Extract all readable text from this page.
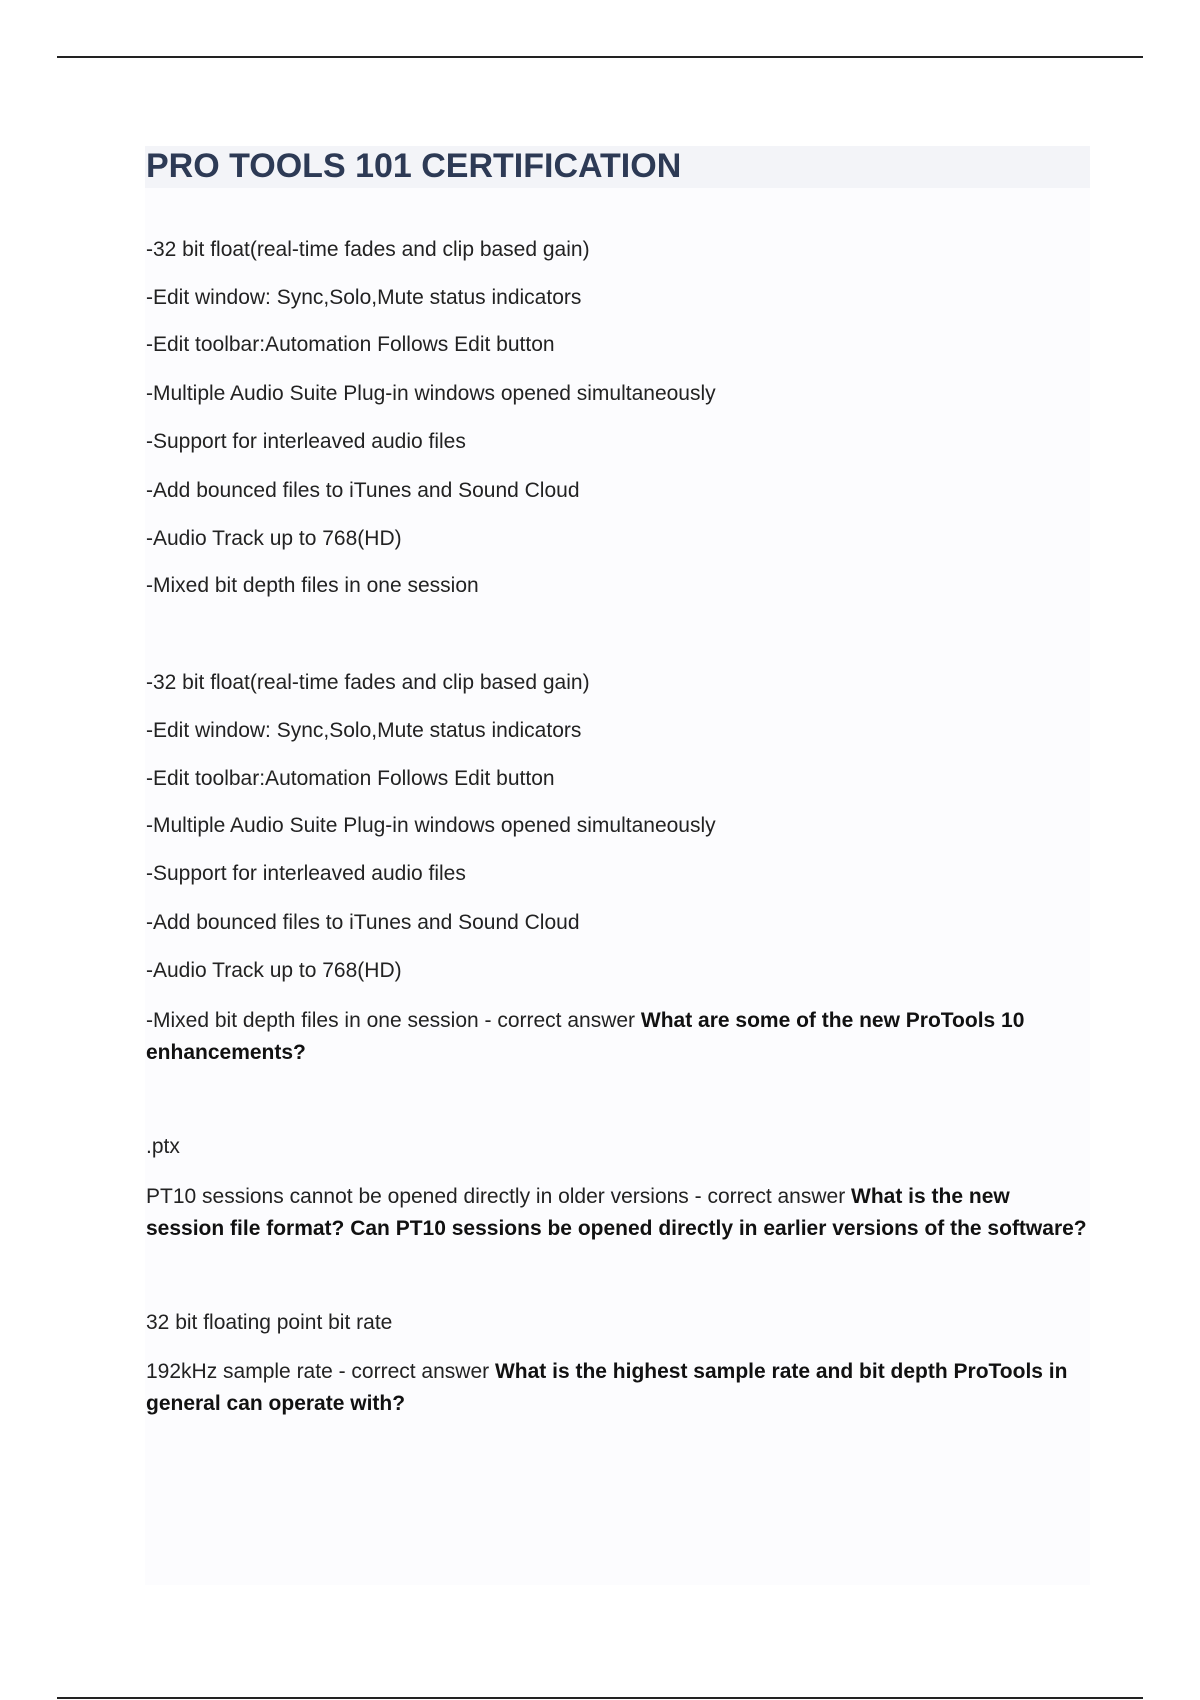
PRO TOOLS 101 CERTIFICATION
-32 bit float(real-time fades and clip based gain)
-Edit window: Sync,Solo,Mute status indicators
-Edit toolbar:Automation Follows Edit button
-Multiple Audio Suite Plug-in windows opened simultaneously
-Support for interleaved audio files
-Add bounced files to iTunes and Sound Cloud
-Audio Track up to 768(HD)
-Mixed bit depth files in one session
-32 bit float(real-time fades and clip based gain)
-Edit window: Sync,Solo,Mute status indicators
-Edit toolbar:Automation Follows Edit button
-Multiple Audio Suite Plug-in windows opened simultaneously
-Support for interleaved audio files
-Add bounced files to iTunes and Sound Cloud
-Audio Track up to 768(HD)
-Mixed bit depth files in one session - correct answer What are some of the new ProTools 10 enhancements?
.ptx
PT10 sessions cannot be opened directly in older versions - correct answer What is the new session file format? Can PT10 sessions be opened directly in earlier versions of the software?
32 bit floating point bit rate
192kHz sample rate - correct answer What is the highest sample rate and bit depth ProTools in general can operate with?
